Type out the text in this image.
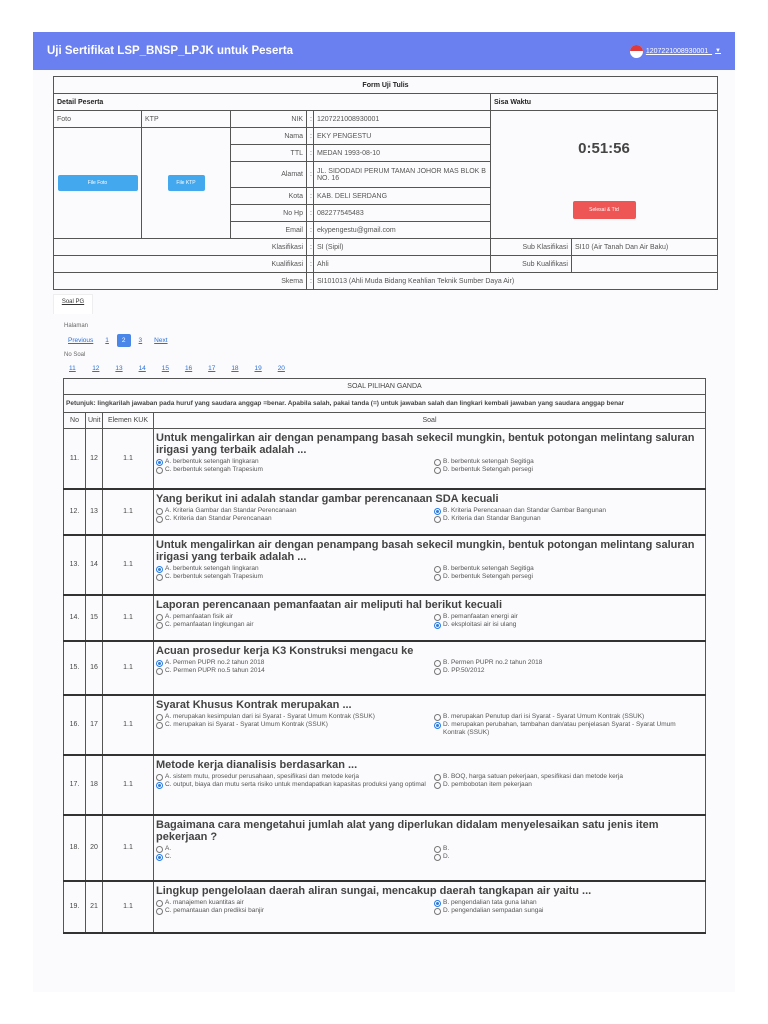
Uji Sertifikat LSP_BNSP_LPJK untuk Peserta	1207221008930001_ ▼
Form Uji Tulis						
Detail Peserta					Sisa Waktu	
Foto	KTP	NIK	:	1207221008930001	0:51:56
Selesai & Ttd	

File Foto	File KTP	Nama	:	EKY PENGESTU		
		TTL	:	MEDAN 1993-08-10		
		Alamat	:	JL. SIDODADI PERUM TAMAN JOHOR MAS BLOK B NO. 16		
		Kota	:	KAB. DELI SERDANG		
		No Hp	:	082277545483		
		Email	:	ekypengestu@gmail.com		
Klasifikasi			:	SI (Sipil)	Sub Klasifikasi	SI10 (Air Tanah Dan Air Baku)
Kualifikasi			:	Ahli	Sub Kualifikasi	
Skema			:	SI101013 (Ahli Muda Bidang Keahlian Teknik Sumber Daya Air)		
Soal PG
Halaman
Previous	1	2	3	Next
No Soal
11	12	13	14	15	16	17	18	19	20
SOAL PILIHAN GANDA			
Petunjuk: lingkarilah jawaban pada huruf yang saudara anggap =benar. Apabila salah, pakai tanda (=) untuk jawaban salah dan lingkari kembali jawaban yang saudara anggap benar			
No	Unit	Elemen KUK	Soal
11.	12	1.1	Untuk mengalirkan air dengan penampang basah sekecil mungkin, bentuk potongan melintang saluran irigasi yang terbaik adalah ...
A. berbentuk setengah lingkaran B. berbentuk setengah Segitiga
C. berbentuk setengah Trapesium D. berbentuk Setengah persegi

12.	13	1.1	Yang berikut ini adalah standar gambar perencanaan SDA kecuali
A. Kriteria Gambar dan Standar Perencanaan B. Kriteria Perencanaan dan Standar Gambar Bangunan
C. Kriteria dan Standar Perencanaan D. Kriteria dan Standar Bangunan

13.	14	1.1	Untuk mengalirkan air dengan penampang basah sekecil mungkin, bentuk potongan melintang saluran irigasi yang terbaik adalah ...
A. berbentuk setengah lingkaran B. berbentuk setengah Segitiga
C. berbentuk setengah Trapesium D. berbentuk Setengah persegi

14.	15	1.1	Laporan perencanaan pemanfaatan air meliputi hal berikut kecuali
A. pemanfaatan fisik air B. pemanfaatan energi air
C. pemanfaatan lingkungan air D. eksploitasi air isi ulang

15.	16	1.1	Acuan prosedur kerja K3 Konstruksi mengacu ke
A. Permen PUPR no.2 tahun 2018 B. Permen PUPR no.2 tahun 2018
C. Permen PUPR no.5 tahun 2014 D. PP.50/2012

16.	17	1.1	Syarat Khusus Kontrak merupakan ...
A. merupakan kesimpulan dari isi Syarat - Syarat Umum Kontrak (SSUK) B. merupakan Penutup dari isi Syarat - Syarat Umum Kontrak (SSUK)
C. merupakan isi Syarat - Syarat Umum Kontrak (SSUK) D. merupakan perubahan, tambahan dan/atau penjelasan Syarat - Syarat Umum Kontrak (SSUK)

17.	18	1.1	Metode kerja dianalisis berdasarkan ...
A. sistem mutu, prosedur perusahaan, spesifikasi dan metode kerja B. BOQ, harga satuan pekerjaan, spesifikasi dan metode kerja
C. output, biaya dan mutu serta risiko untuk mendapatkan kapasitas produksi yang optimal D. pembobotan item pekerjaan

18.	20	1.1	Bagaimana cara mengetahui jumlah alat yang diperlukan didalam menyelesaikan satu jenis item pekerjaan ?
A. B.
C. D.

19.	21	1.1	Lingkup pengelolaan daerah aliran sungai, mencakup daerah tangkapan air yaitu ...
A. manajemen kuantitas air B. pengendalian tata guna lahan
C. pemantauan dan prediksi banjir D. pengendalian sempadan sungai
